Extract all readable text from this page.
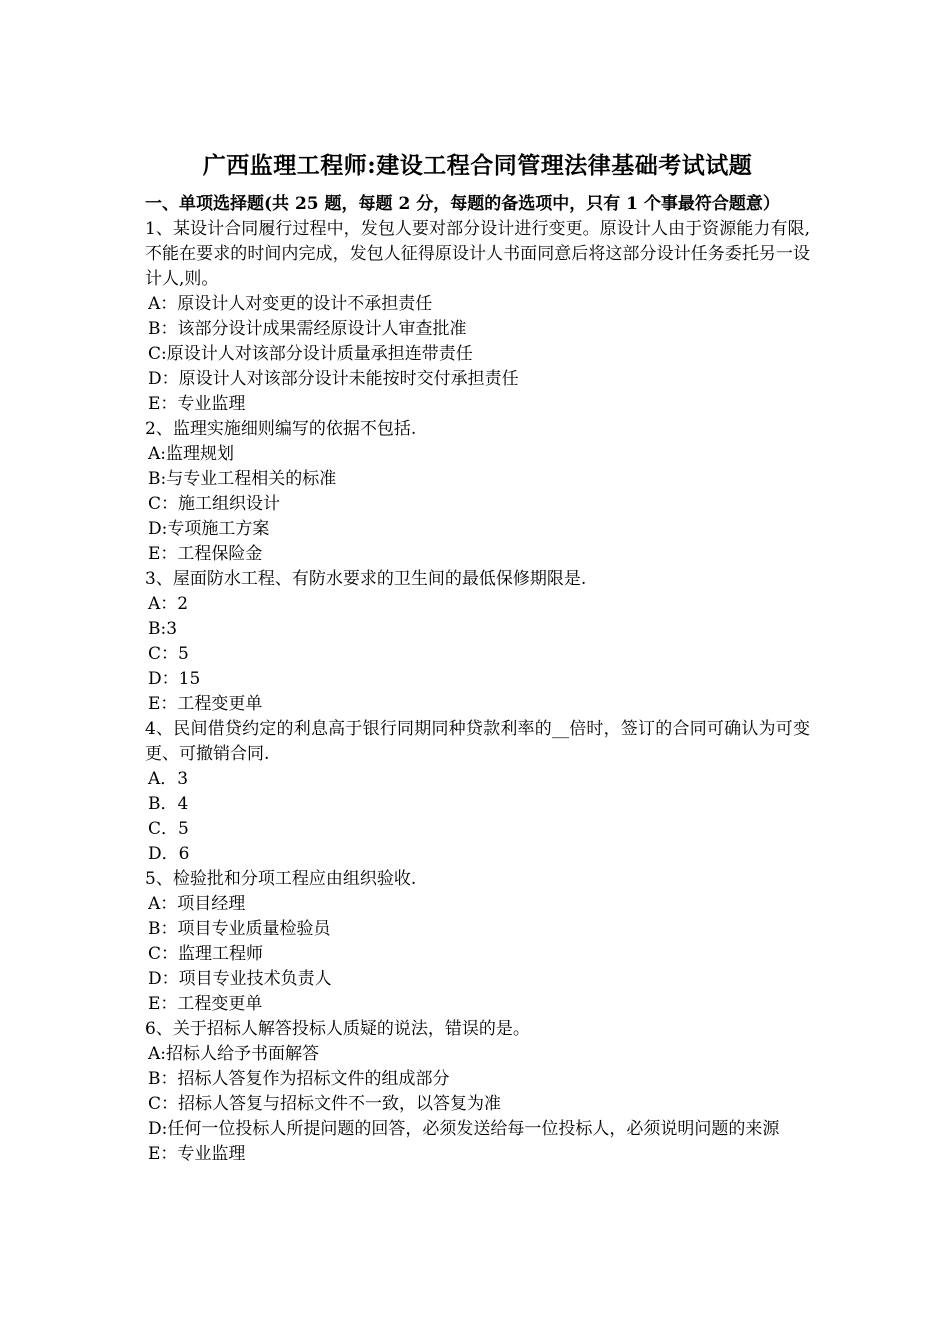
广西监理工程师:建设工程合同管理法律基础考试试题

一、单项选择题(共 25 题，每题 2 分，每题的备选项中，只有 1 个事最符合题意）

1、某设计合同履行过程中，发包人要对部分设计进行变更。原设计人由于资源能力有限,不能在要求的时间内完成，发包人征得原设计人书面同意后将这部分设计任务委托另一设计人,则。

A：原设计人对变更的设计不承担责任
B：该部分设计成果需经原设计人审查批准
C:原设计人对该部分设计质量承担连带责任
D：原设计人对该部分设计未能按时交付承担责任
E：专业监理

2、监理实施细则编写的依据不包括.

A:监理规划
B:与专业工程相关的标准
C：施工组织设计
D:专项施工方案
E：工程保险金

3、屋面防水工程、有防水要求的卫生间的最低保修期限是.

A：2
B:3
C：5
D：15
E：工程变更单

4、民间借贷约定的利息高于银行同期同种贷款利率的__倍时，签订的合同可确认为可变更、可撤销合同.

A．3
B．4
C．5
D．6

5、检验批和分项工程应由组织验收.

A：项目经理
B：项目专业质量检验员
C：监理工程师
D：项目专业技术负责人
E：工程变更单

6、关于招标人解答投标人质疑的说法，错误的是。

A:招标人给予书面解答
B：招标人答复作为招标文件的组成部分
C：招标人答复与招标文件不一致，以答复为准
D:任何一位投标人所提问题的回答，必须发送给每一位投标人，必须说明问题的来源
E：专业监理
